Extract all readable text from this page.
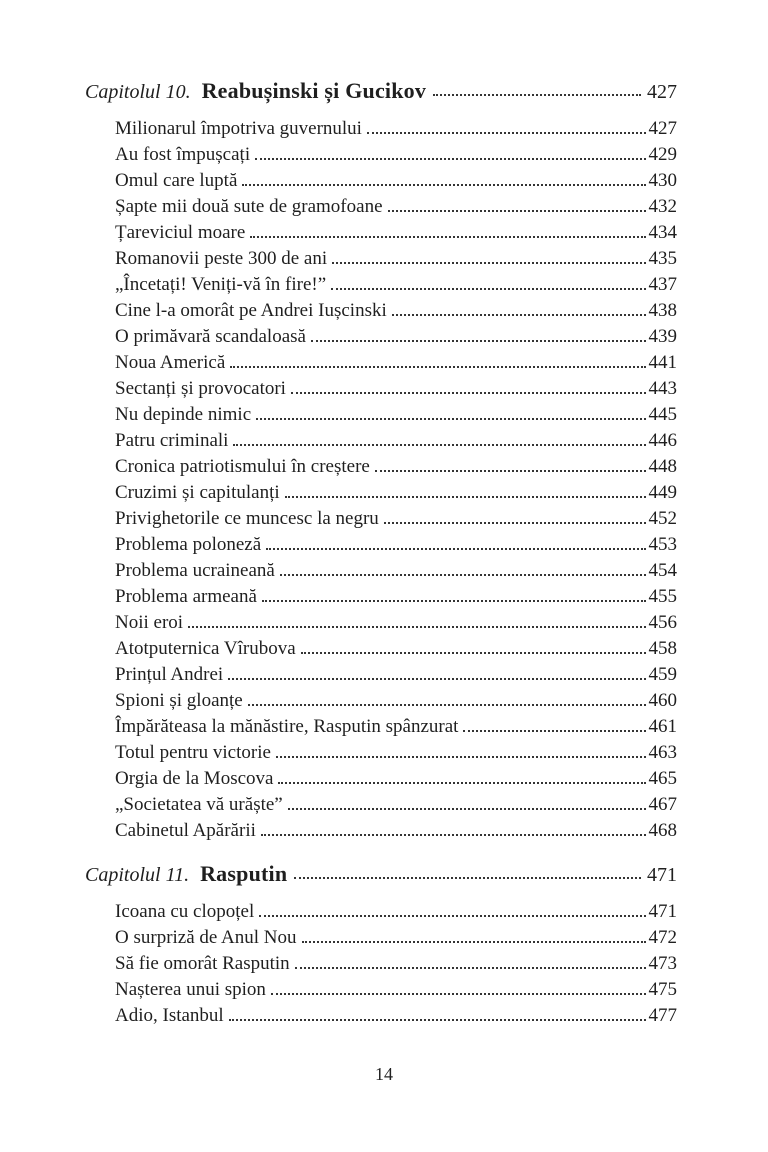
Capitolul 10. Reabușinski și Gucikov	427
Milionarul împotriva guvernului	427
Au fost împușcați	429
Omul care luptă	430
Șapte mii două sute de gramofoane	432
Țareviciul moare	434
Romanovii peste 300 de ani	435
„Încetați! Veniți-vă în fire!”	437
Cine l-a omorât pe Andrei Iușcinski	438
O primăvară scandaloasă	439
Noua Americă	441
Sectanți și provocatori	443
Nu depinde nimic	445
Patru criminali	446
Cronica patriotismului în creștere	448
Cruzimi și capitulanți	449
Privighetorile ce muncesc la negru	452
Problema poloneză	453
Problema ucraineană	454
Problema armeană	455
Noii eroi	456
Atotputernica Vîrubova	458
Prințul Andrei	459
Spioni și gloanțe	460
Împărăteasa la mănăstire, Rasputin spânzurat	461
Totul pentru victorie	463
Orgia de la Moscova	465
„Societatea vă urăște”	467
Cabinetul Apărării	468
Capitolul 11. Rasputin	471
Icoana cu clopoțel	471
O surpriză de Anul Nou	472
Să fie omorât Rasputin	473
Nașterea unui spion	475
Adio, Istanbul	477
14
